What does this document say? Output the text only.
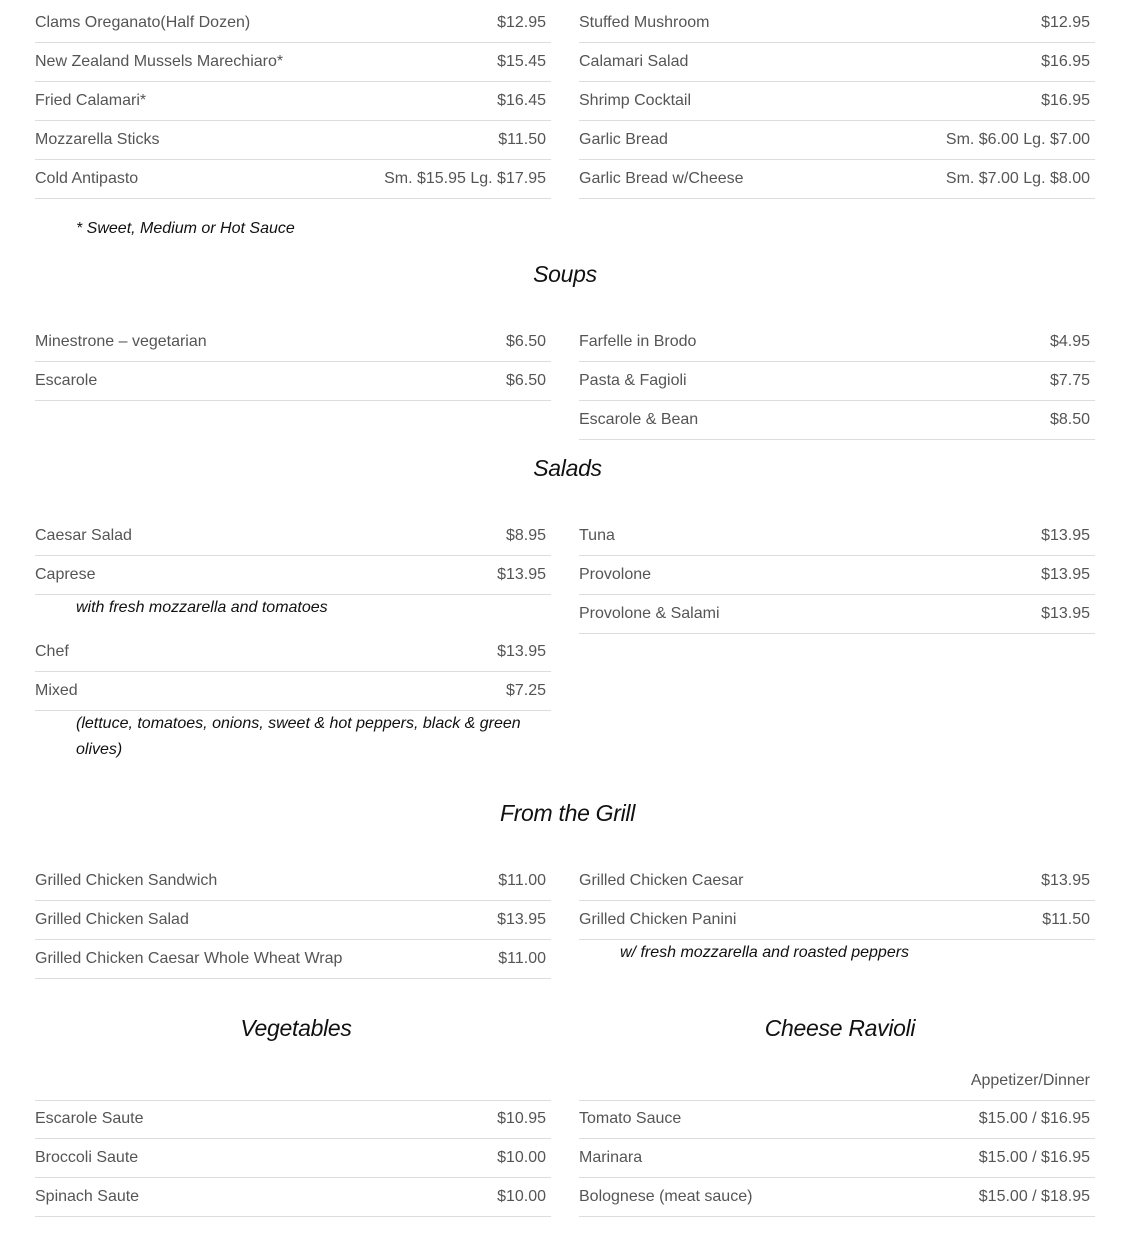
Clams Oreganato(Half Dozen)	$12.95
New Zealand Mussels Marechiaro*	$15.45
Fried Calamari*	$16.45
Mozzarella Sticks	$11.50
Cold Antipasto	Sm. $15.95 Lg. $17.95
Stuffed Mushroom	$12.95
Calamari Salad	$16.95
Shrimp Cocktail	$16.95
Garlic Bread	Sm. $6.00 Lg. $7.00
Garlic Bread w/Cheese	Sm. $7.00 Lg. $8.00
* Sweet, Medium or Hot Sauce
Soups
Minestrone – vegetarian	$6.50
Escarole	$6.50
Farfelle in Brodo	$4.95
Pasta & Fagioli	$7.75
Escarole & Bean	$8.50
Salads
Caesar Salad	$8.95
Caprese	$13.95
with fresh mozzarella and tomatoes
Chef	$13.95
Mixed	$7.25
(lettuce, tomatoes, onions, sweet & hot peppers, black & green olives)
Tuna	$13.95
Provolone	$13.95
Provolone & Salami	$13.95
From the Grill
Grilled Chicken Sandwich	$11.00
Grilled Chicken Salad	$13.95
Grilled Chicken Caesar Whole Wheat Wrap	$11.00
Grilled Chicken Caesar	$13.95
Grilled Chicken Panini	$11.50
w/ fresh mozzarella and roasted peppers
Vegetables
Escarole Saute	$10.95
Broccoli Saute	$10.00
Spinach Saute	$10.00
Cheese Ravioli
Appetizer/Dinner
Tomato Sauce	$15.00 / $16.95
Marinara	$15.00 / $16.95
Bolognese (meat sauce)	$15.00 / $18.95
